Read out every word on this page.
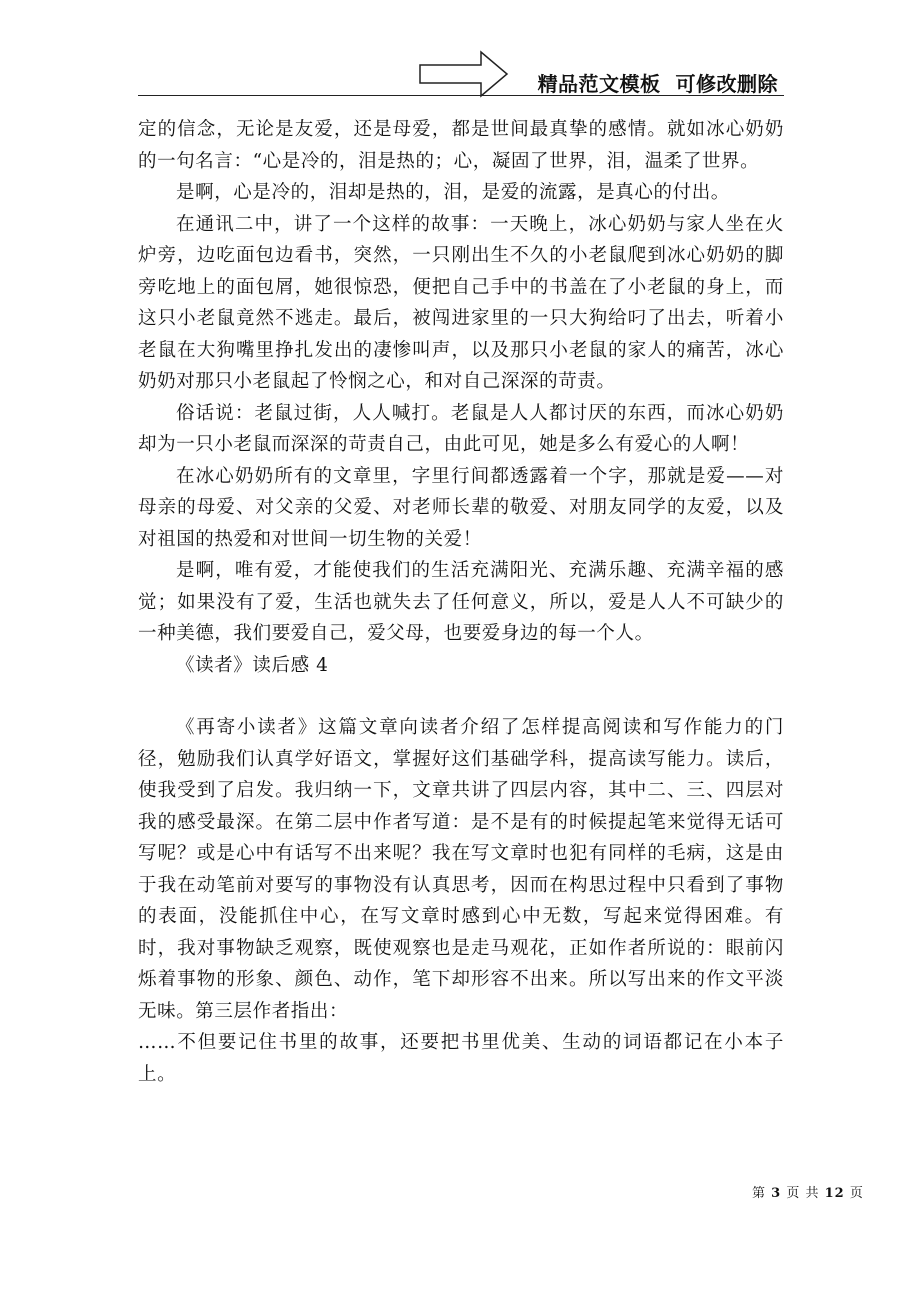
精品范文模板  可修改删除

定的信念，无论是友爱，还是母爱，都是世间最真挚的感情。就如冰心奶奶的一句名言：“心是冷的，泪是热的；心，凝固了世界，泪，温柔了世界。

是啊，心是冷的，泪却是热的，泪，是爱的流露，是真心的付出。

在通讯二中，讲了一个这样的故事：一天晚上，冰心奶奶与家人坐在火炉旁，边吃面包边看书，突然，一只刚出生不久的小老鼠爬到冰心奶奶的脚旁吃地上的面包屑，她很惊恐，便把自己手中的书盖在了小老鼠的身上，而这只小老鼠竟然不逃走。最后，被闯进家里的一只大狗给叼了出去，听着小老鼠在大狗嘴里挣扎发出的凄惨叫声，以及那只小老鼠的家人的痛苦，冰心奶奶对那只小老鼠起了怜悯之心，和对自己深深的苛责。

俗话说：老鼠过街，人人喊打。老鼠是人人都讨厌的东西，而冰心奶奶却为一只小老鼠而深深的苛责自己，由此可见，她是多么有爱心的人啊！

在冰心奶奶所有的文章里，字里行间都透露着一个字，那就是爱——对母亲的母爱、对父亲的父爱、对老师长辈的敬爱、对朋友同学的友爱，以及对祖国的热爱和对世间一切生物的关爱！

是啊，唯有爱，才能使我们的生活充满阳光、充满乐趣、充满辛福的感觉；如果没有了爱，生活也就失去了任何意义，所以，爱是人人不可缺少的一种美德，我们要爱自己，爱父母，也要爱身边的每一个人。

《读者》读后感 4

《再寄小读者》这篇文章向读者介绍了怎样提高阅读和写作能力的门径，勉励我们认真学好语文，掌握好这们基础学科，提高读写能力。读后，使我受到了启发。我归纳一下，文章共讲了四层内容，其中二、三、四层对我的感受最深。在第二层中作者写道：是不是有的时候提起笔来觉得无话可写呢？或是心中有话写不出来呢？我在写文章时也犯有同样的毛病，这是由于我在动笔前对要写的事物没有认真思考，因而在构思过程中只看到了事物的表面，没能抓住中心，在写文章时感到心中无数，写起来觉得困难。有时，我对事物缺乏观察，既使观察也是走马观花，正如作者所说的：眼前闪烁着事物的形象、颜色、动作，笔下却形容不出来。所以写出来的作文平淡无味。第三层作者指出：

……不但要记住书里的故事，还要把书里优美、生动的词语都记在小本子上。

第 3 页 共 12 页
